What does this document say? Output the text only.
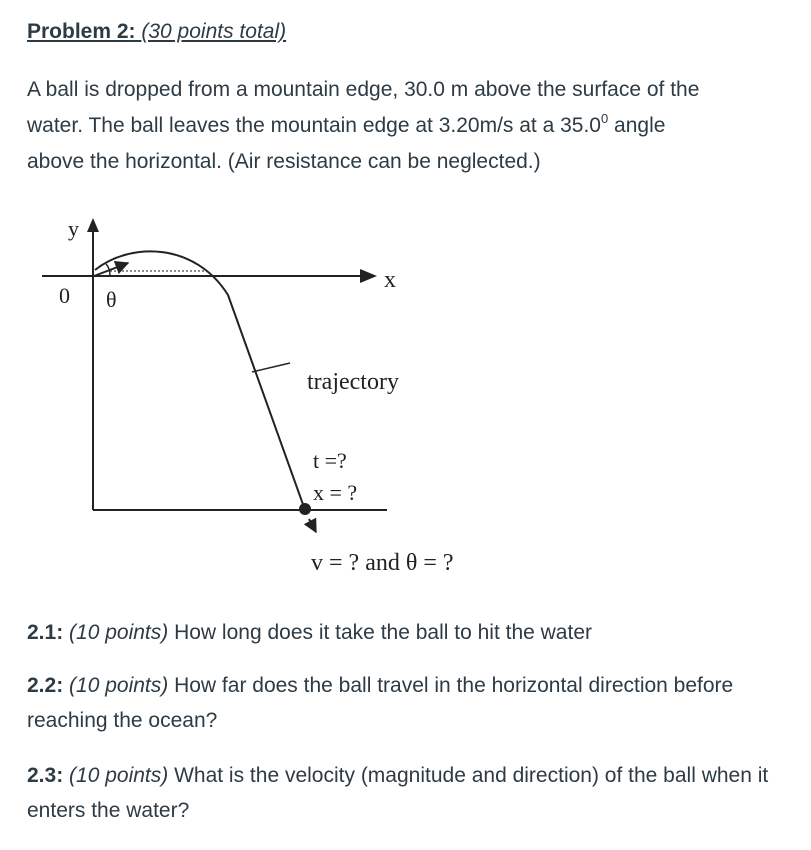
Problem 2: (30 points total)
A ball is dropped from a mountain edge, 30.0 m above the surface of the
water. The ball leaves the mountain edge at 3.20m/s at a 35.0$^0$ angle
above the horizontal. (Air resistance can be neglected.)
y
x
0 θ
trajectory
t =?
x = ?
v = ? and θ = ?
2.1: (10 points) How long does it take the ball to hit the water
2.2: (10 points) How far does the ball travel in the horizontal direction before reaching the ocean?
2.3: (10 points) What is the velocity (magnitude and direction) of the ball when it enters the water?
